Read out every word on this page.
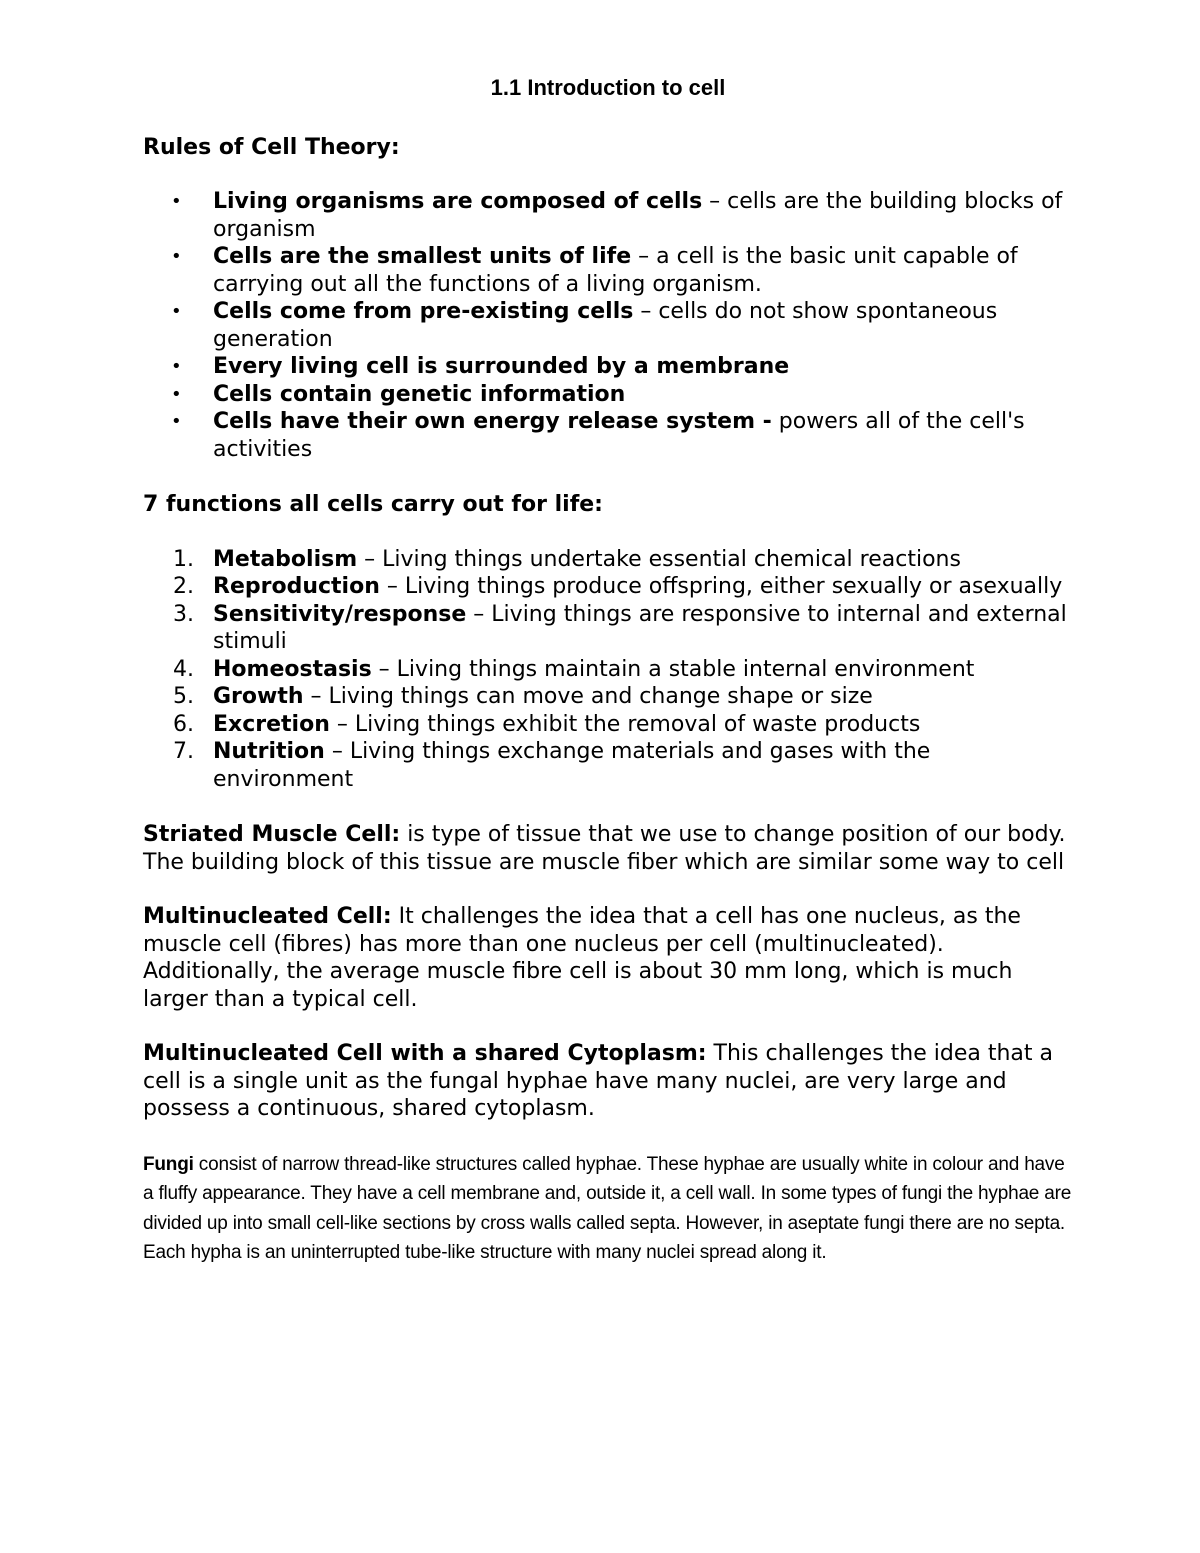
1.1 Introduction to cell
Rules of Cell Theory:
• Living organisms are composed of cells – cells are the building blocks of organism
• Cells are the smallest units of life – a cell is the basic unit capable of carrying out all the functions of a living organism.
• Cells come from pre-existing cells – cells do not show spontaneous generation
• Every living cell is surrounded by a membrane
• Cells contain genetic information
• Cells have their own energy release system - powers all of the cell's activities
7 functions all cells carry out for life:
1. Metabolism – Living things undertake essential chemical reactions
2. Reproduction – Living things produce offspring, either sexually or asexually
3. Sensitivity/response – Living things are responsive to internal and external stimuli
4. Homeostasis – Living things maintain a stable internal environment
5. Growth – Living things can move and change shape or size
6. Excretion – Living things exhibit the removal of waste products
7. Nutrition – Living things exchange materials and gases with the environment

Striated Muscle Cell: is type of tissue that we use to change position of our body. The building block of this tissue are muscle fiber which are similar some way to cell

Multinucleated Cell: It challenges the idea that a cell has one nucleus, as the muscle cell (fibres) has more than one nucleus per cell (multinucleated). Additionally, the average muscle fibre cell is about 30 mm long, which is much larger than a typical cell.

Multinucleated Cell with a shared Cytoplasm: This challenges the idea that a cell is a single unit as the fungal hyphae have many nuclei, are very large and possess a continuous, shared cytoplasm.

Fungi consist of narrow thread-like structures called hyphae. These hyphae are usually white in colour and have a fluffy appearance. They have a cell membrane and, outside it, a cell wall. In some types of fungi the hyphae are divided up into small cell-like sections by cross walls called septa. However, in aseptate fungi there are no septa. Each hypha is an uninterrupted tube-like structure with many nuclei spread along it.
